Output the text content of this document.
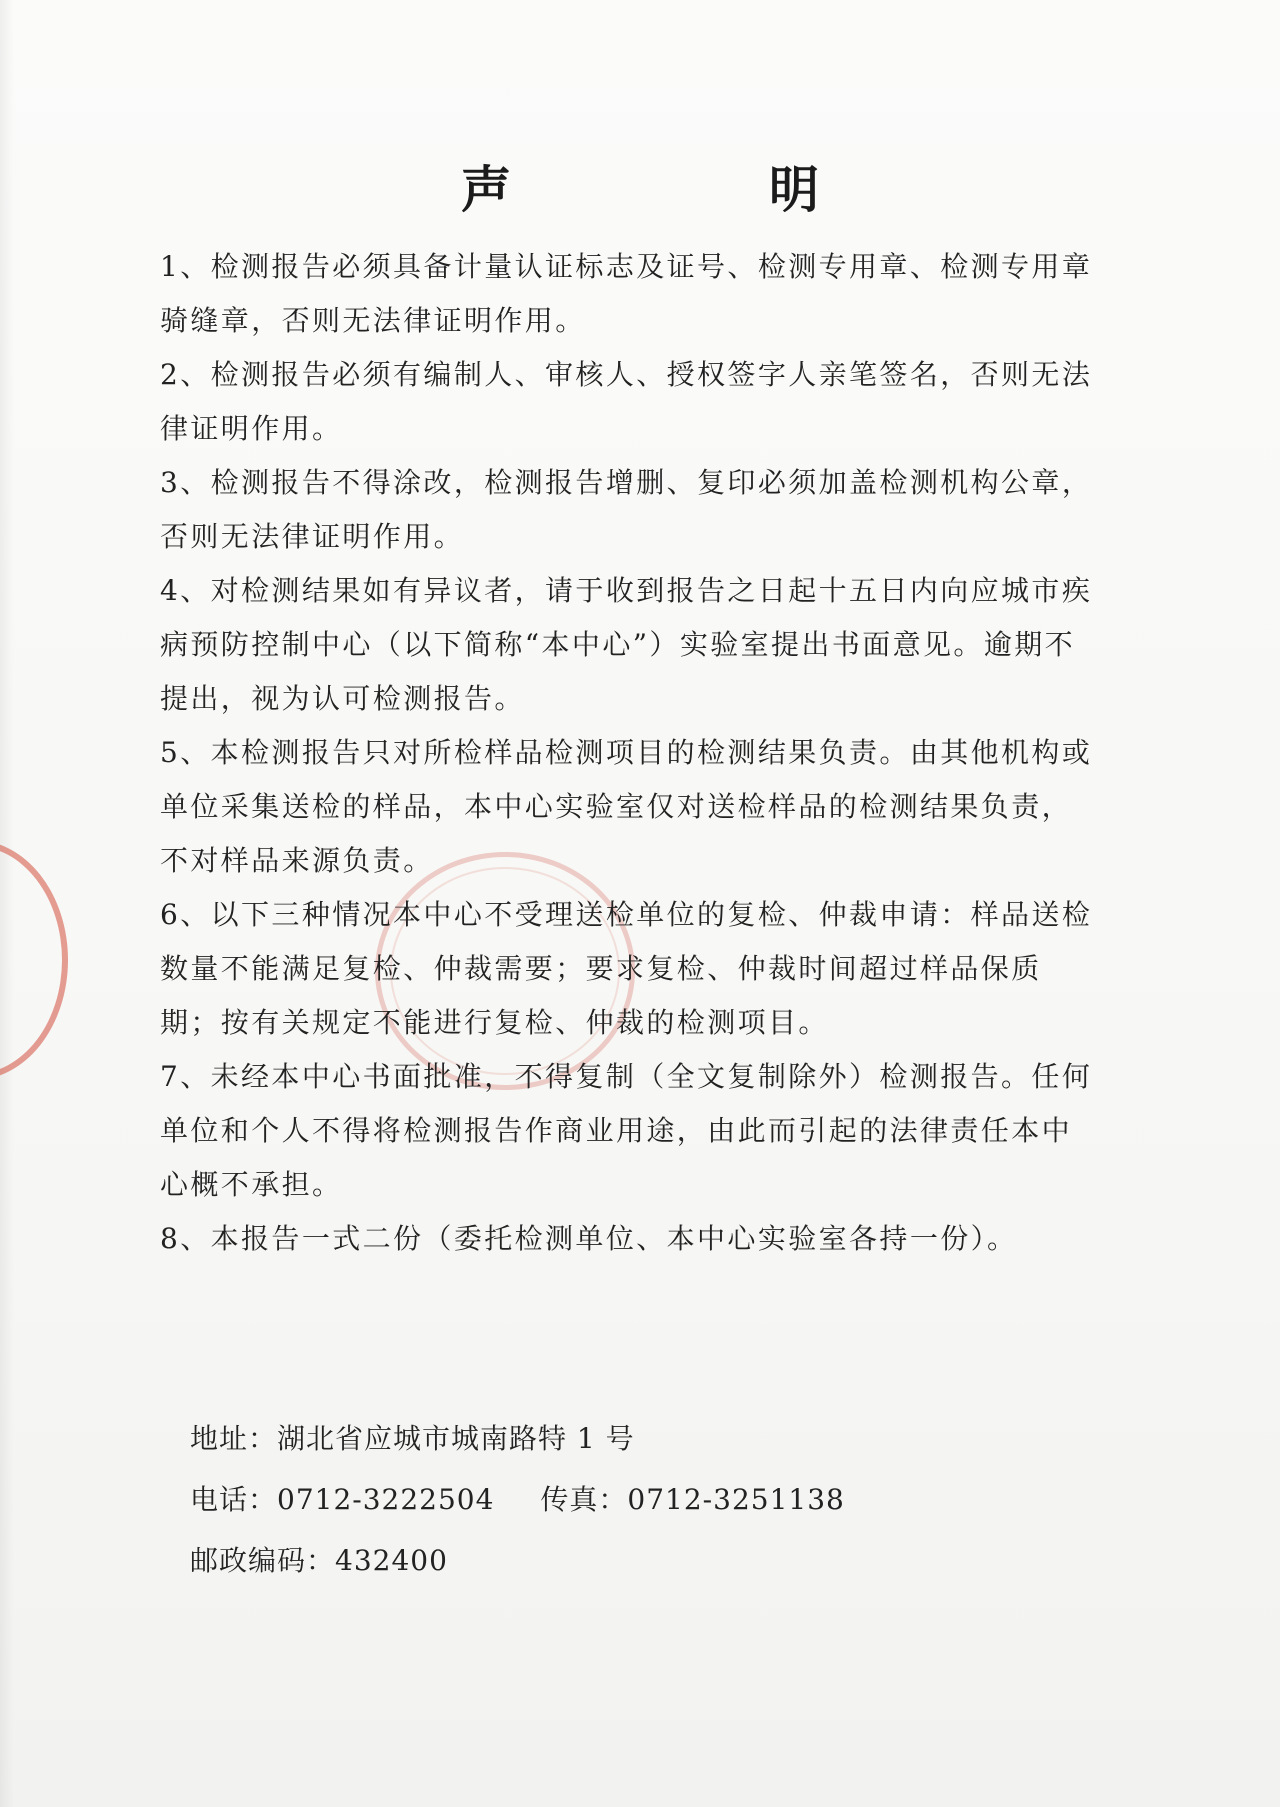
声　明
1、检测报告必须具备计量认证标志及证号、检测专用章、检测专用章骑缝章，否则无法律证明作用。
2、检测报告必须有编制人、审核人、授权签字人亲笔签名，否则无法律证明作用。
3、检测报告不得涂改，检测报告增删、复印必须加盖检测机构公章，否则无法律证明作用。
4、对检测结果如有异议者，请于收到报告之日起十五日内向应城市疾病预防控制中心（以下简称“本中心”）实验室提出书面意见。逾期不提出，视为认可检测报告。
5、本检测报告只对所检样品检测项目的检测结果负责。由其他机构或单位采集送检的样品，本中心实验室仅对送检样品的检测结果负责，不对样品来源负责。
6、以下三种情况本中心不受理送检单位的复检、仲裁申请：样品送检数量不能满足复检、仲裁需要；要求复检、仲裁时间超过样品保质期；按有关规定不能进行复检、仲裁的检测项目。
7、未经本中心书面批准，不得复制（全文复制除外）检测报告。任何单位和个人不得将检测报告作商业用途，由此而引起的法律责任本中心概不承担。
8、本报告一式二份（委托检测单位、本中心实验室各持一份）。
地址：湖北省应城市城南路特 1 号
电话：0712-3222504 传真：0712-3251138
邮政编码：432400
